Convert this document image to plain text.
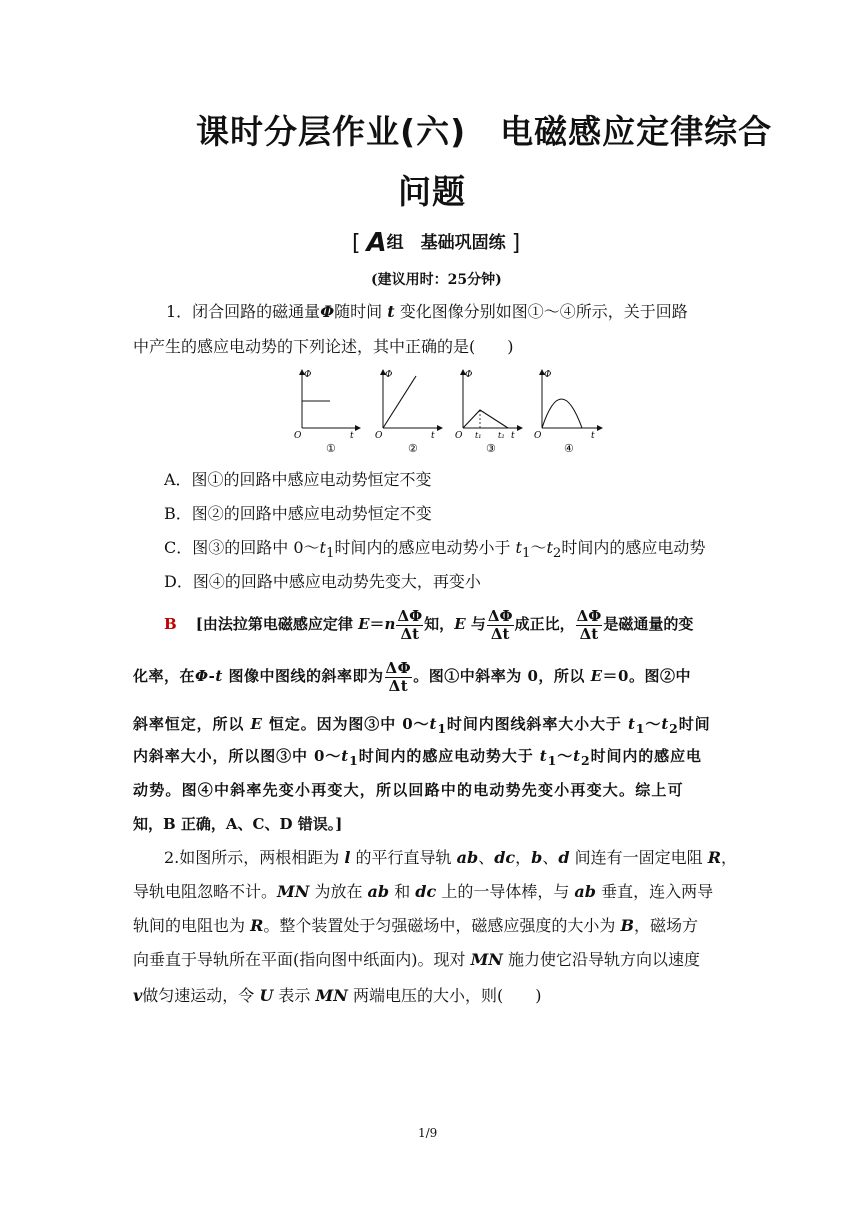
课时分层作业(六)　电磁感应定律综合
问题
[ A组　基础巩固练 ]
(建议用时：25分钟)
1．闭合回路的磁通量Φ随时间 t 变化图像分别如图①～④所示，关于回路
中产生的感应电动势的下列论述，其中正确的是(　　)
Φ
t
O
①
Φ
t
O
②
Φ
t
O t₁ t₂
③
Φ
t
O
④
A．图①的回路中感应电动势恒定不变
B．图②的回路中感应电动势恒定不变
C．图③的回路中 $0\sim t_1$时间内的感应电动势小于 $t_1\sim t_2$时间内的感应电动势
D．图④的回路中感应电动势先变大，再变小
B [由法拉第电磁感应定律 $E=n \frac{\Delta\Phi}{\Delta t}$ 知，E 与 $\frac{\Delta\Phi}{\Delta t}$ 成正比， $\frac{\Delta\Phi}{\Delta t}$ 是磁通量的变
化率，在Φ-t 图像中图线的斜率即为 $\frac{\Delta\Phi}{\Delta t}$ 。图①中斜率为 0，所以 E＝0。图②中
斜率恒定，所以 E 恒定。因为图③中 $0\sim t_1$时间内图线斜率大小大于 $t_1\sim t_2$时间
内斜率大小，所以图③中 $0\sim t_1$时间内的感应电动势大于 $t_1\sim t_2$时间内的感应电
动势。图④中斜率先变小再变大，所以回路中的电动势先变小再变大。综上可
知，B 正确，A、C、D 错误。]
2.如图所示，两根相距为 l 的平行直导轨 ab、dc，b、d 间连有一固定电阻 R，
导轨电阻忽略不计。MN 为放在 ab 和 dc 上的一导体棒，与 ab 垂直，连入两导
轨间的电阻也为 R。整个装置处于匀强磁场中，磁感应强度的大小为 B，磁场方
向垂直于导轨所在平面(指向图中纸面内)。现对 MN 施力使它沿导轨方向以速度
v做匀速运动，令 U 表示 MN 两端电压的大小，则(　　)
1/9
